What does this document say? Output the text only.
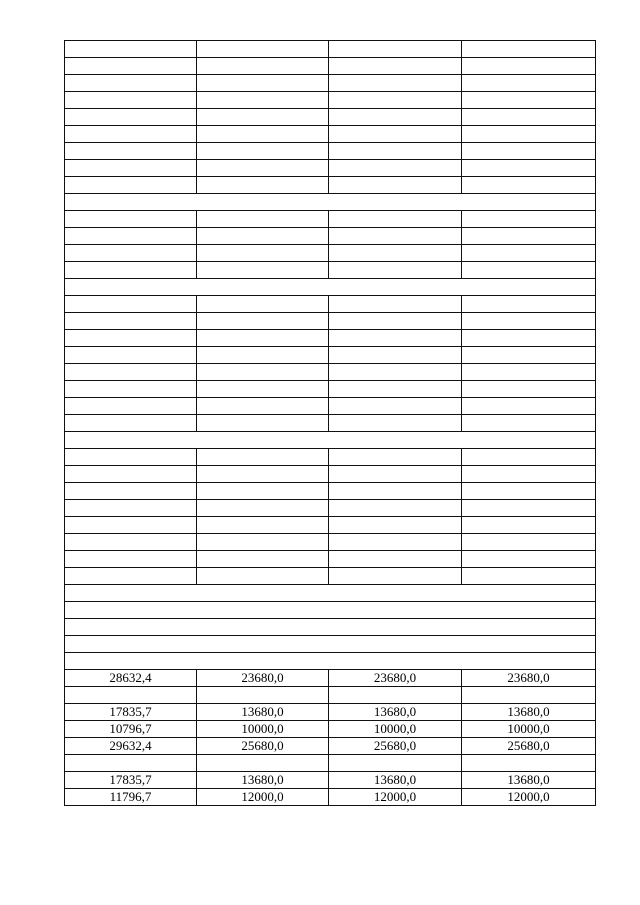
28632,4	23680,0	23680,0	23680,0

17835,7	13680,0	13680,0	13680,0
10796,7	10000,0	10000,0	10000,0
29632,4	25680,0	25680,0	25680,0

17835,7	13680,0	13680,0	13680,0
11796,7	12000,0	12000,0	12000,0
